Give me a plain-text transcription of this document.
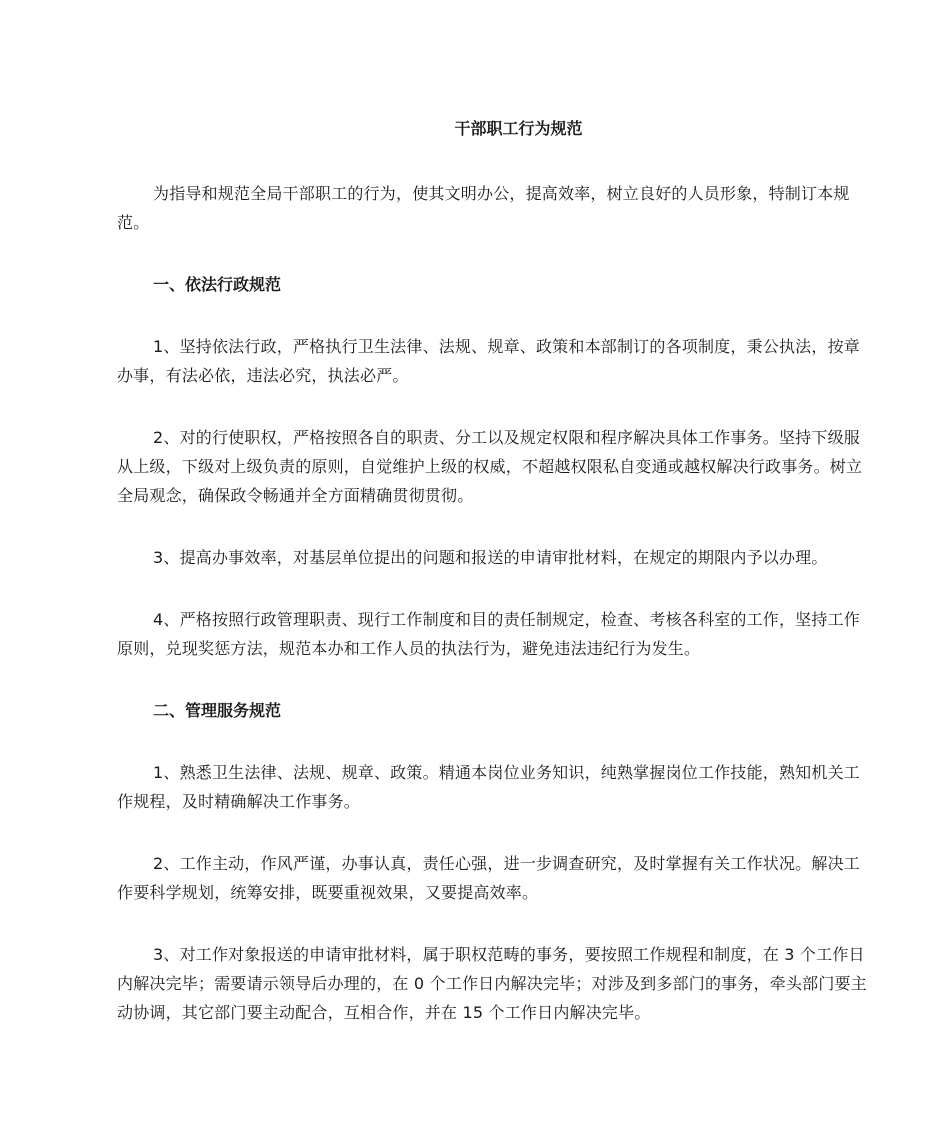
干部职工行为规范

为指导和规范全局干部职工的行为，使其文明办公，提高效率，树立良好的人员形象，特制订本规范。

一、依法行政规范

1、坚持依法行政，严格执行卫生法律、法规、规章、政策和本部制订的各项制度，秉公执法，按章办事，有法必依，违法必究，执法必严。

2、对的行使职权，严格按照各自的职责、分工以及规定权限和程序解决具体工作事务。坚持下级服从上级，下级对上级负责的原则，自觉维护上级的权威，不超越权限私自变通或越权解决行政事务。树立全局观念，确保政令畅通并全方面精确贯彻贯彻。

3、提高办事效率，对基层单位提出的问题和报送的申请审批材料，在规定的期限内予以办理。

4、严格按照行政管理职责、现行工作制度和目的责任制规定，检查、考核各科室的工作，坚持工作原则，兑现奖惩方法，规范本办和工作人员的执法行为，避免违法违纪行为发生。

二、管理服务规范

1、熟悉卫生法律、法规、规章、政策。精通本岗位业务知识，纯熟掌握岗位工作技能，熟知机关工作规程，及时精确解决工作事务。

2、工作主动，作风严谨，办事认真，责任心强，进一步调查研究，及时掌握有关工作状况。解决工作要科学规划，统筹安排，既要重视效果，又要提高效率。

3、对工作对象报送的申请审批材料，属于职权范畴的事务，要按照工作规程和制度，在 3 个工作日内解决完毕；需要请示领导后办理的，在 0 个工作日内解决完毕；对涉及到多部门的事务，牵头部门要主动协调，其它部门要主动配合，互相合作，并在 15 个工作日内解决完毕。
